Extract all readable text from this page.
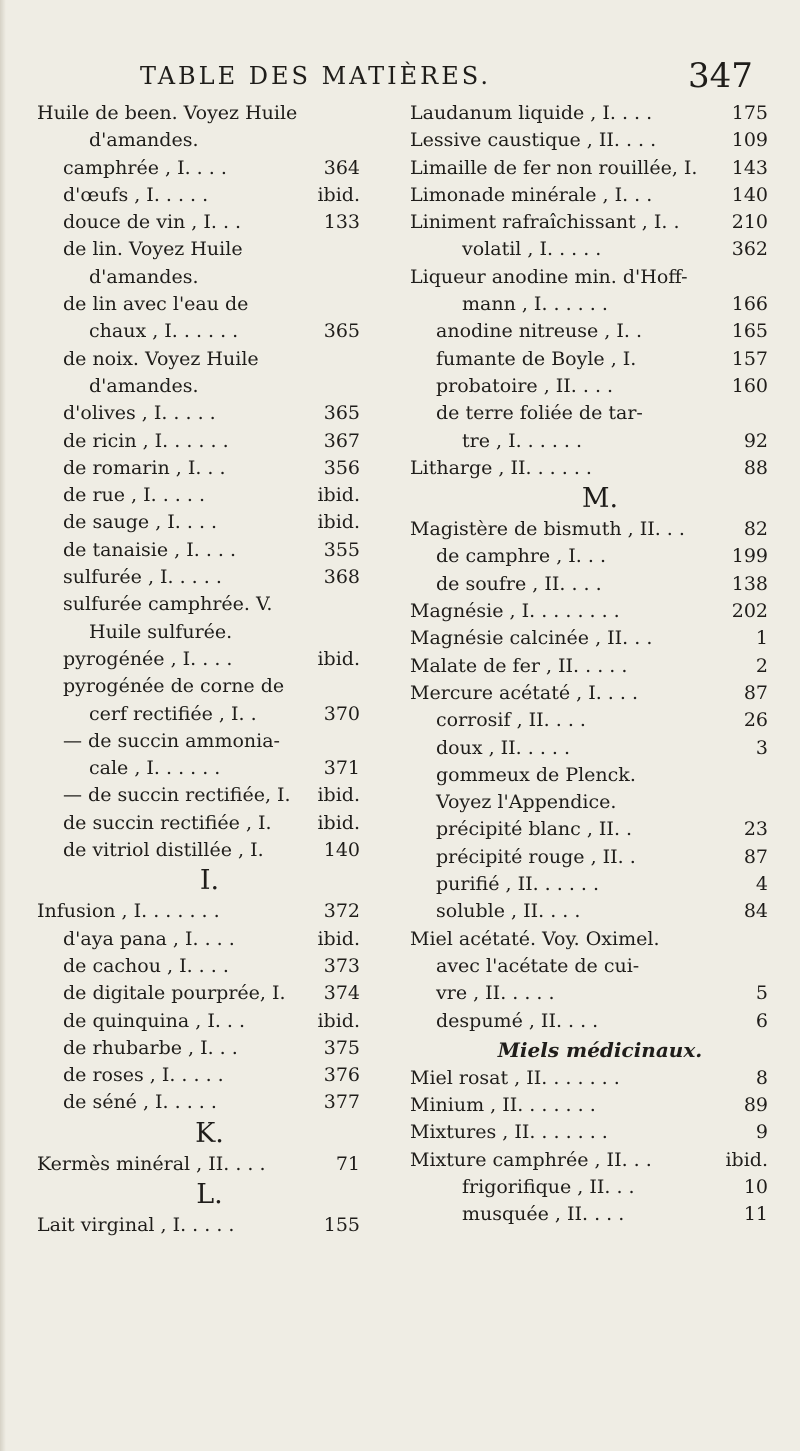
TABLE DES MATIÈRES.	347
Huile de been. Voyez Huile
d'amandes.
camphrée , I. . . .	364
d'œufs , I. . . . .	ibid.
douce de vin , I. . .	133
de lin. Voyez Huile
d'amandes.
de lin avec l'eau de
chaux , I. . . . . .	365
de noix. Voyez Huile
d'amandes.
d'olives , I. . . . .	365
de ricin , I. . . . . .	367
de romarin , I. . .	356
de rue , I. . . . .	ibid.
de sauge , I. . . .	ibid.
de tanaisie , I. . . .	355
sulfurée , I. . . . .	368
sulfurée camphrée. V.
Huile sulfurée.
pyrogénée , I. . . .	ibid.
pyrogénée de corne de
cerf rectifiée , I. .	370
— de succin ammonia-
cale , I. . . . . .	371
— de succin rectifiée, I. ibid.
de succin rectifiée , I. ibid.
de vitriol distillée , I.	140
I.
Infusion , I. . . . . . .	372
d'aya pana , I. . . .	ibid.
de cachou , I. . . .	373
de digitale pourprée, I. 374
de quinquina , I. . .	ibid.
de rhubarbe , I. . .	375
de roses , I. . . . .	376
de séné , I. . . . .	377
K.
Kermès minéral , II. . . .	71
L.
Lait virginal , I. . . . .	155
Laudanum liquide , I. . . .	175
Lessive caustique , II. . . .	109
Limaille de fer non rouillée, I. 143
Limonade minérale , I. . .	140
Liniment rafraîchissant , I. .	210
volatil , I. . . . .	362
Liqueur anodine min. d'Hoff-
mann , I. . . . . .	166
anodine nitreuse , I. .	165
fumante de Boyle , I.	157
probatoire , II. . . .	160
de terre foliée de tar-
tre , I. . . . . .	92
Litharge , II. . . . . .	88
M.
Magistère de bismuth , II. . .	82
de camphre , I. . .	199
de soufre , II. . . .	138
Magnésie , I. . . . . . . .	202
Magnésie calcinée , II. . .	1
Malate de fer , II. . . . .	2
Mercure acétaté , I. . . .	87
corrosif , II. . . .	26
doux , II. . . . .	3
gommeux de Plenck.
Voyez l'Appendice.
précipité blanc , II. .	23
précipité rouge , II. .	87
purifié , II. . . . . .	4
soluble , II. . . .	84
Miel acétaté. Voy. Oximel.
avec l'acétate de cui-
vre , II. . . . .	5
despumé , II. . . .	6
Miels médicinaux.
Miel rosat , II. . . . . . .	8
Minium , II. . . . . . .	89
Mixtures , II. . . . . . .	9
Mixture camphrée , II. . .	ibid.
frigorifique , II. . .	10
musquée , II. . . .	11
